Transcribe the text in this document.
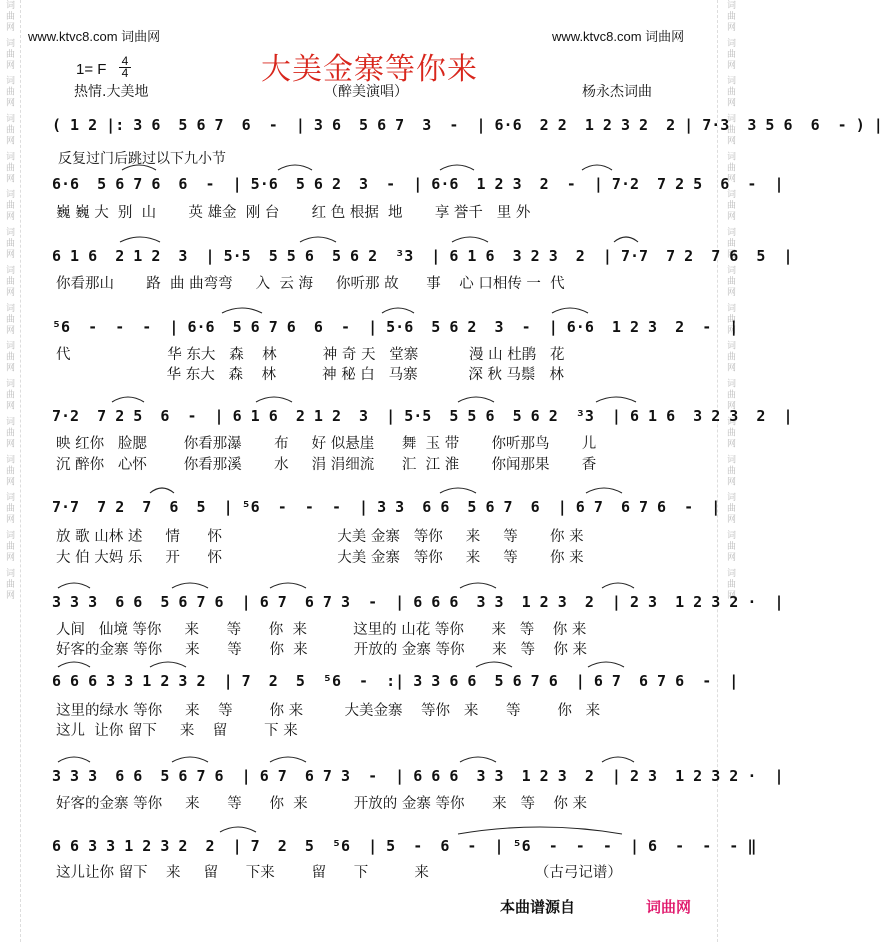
词曲网 词曲网 词曲网 词曲网 词曲网 词曲网 词曲网 词曲网 词曲网 词曲网 词曲网 词曲网 词曲网 词曲网 词曲网 词曲网	词曲网 词曲网 词曲网 词曲网 词曲网 词曲网 词曲网 词曲网 词曲网 词曲网 词曲网 词曲网 词曲网 词曲网 词曲网 词曲网
www.ktvc8.com 词曲网	www.ktvc8.com 词曲网
大美金寨等你来
1= F	4
4
热情.大美地	（醉美演唱）	杨永杰词曲
反复过门后跳过以下九小节
( 1 2 |: 3 6  5 6 7  6  -  | 3 6  5 6 7  3  -  | 6·6  2 2  1 2 3 2  2 | 7·3  3 5 6  6  - ) |
6·6  5 6 7 6  6  -  | 5·6  5 6 2  3  -  | 6·6  1 2 3  2  -  | 7·2  7 2 5  6  -  |
巍 巍 大  别  山       英 雄金  刚 台       红 色 根据  地       享 誉千   里 外
6 1 6  2 1 2  3  | 5·5  5 5 6  5 6 2  ³3  | 6 1 6  3 2 3  2  | 7·7  7 2  7 6  5  |
你看那山       路  曲 曲弯弯     入  云 海     你听那 故      事    心 口相传 一  代
⁵6  -  -  -  | 6·6  5 6 7 6  6  -  | 5·6  5 6 2  3  -  | 6·6  1 2 3  2  -  |
代                     华 东大   森    林          神 奇 天   堂寨           漫 山 杜鹃   花
华 东大   森    林          神 秘 白   马寨           深 秋 马鬃   林
7·2  7 2 5  6  -  | 6 1 6  2 1 2  3  | 5·5  5 5 6  5 6 2  ³3  | 6 1 6  3 2 3  2  |
映 红你   脸腮        你看那瀑       布     好 似悬崖      舞  玉 带       你听那鸟       儿
沉 醉你   心怀        你看那溪       水     涓 涓细流      汇  江 淮       你闻那果       香
7·7  7 2  7  6  5  | ⁵6  -  -  -  | 3 3  6 6  5 6 7  6  | 6 7  6 7 6  -  |
放 歌 山林 述     情      怀                         大美 金寨   等你     来     等       你 来
大 伯 大妈 乐     开      怀                         大美 金寨   等你     来     等       你 来
3 3 3  6 6  5 6 7 6  | 6 7  6 7 3  -  | 6 6 6  3 3  1 2 3  2  | 2 3  1 2 3 2 ·  |
人间   仙境 等你     来      等      你  来          这里的 山花 等你      来   等    你 来
好客的金寨 等你     来      等      你  来          开放的 金寨 等你      来   等    你 来
6 6 6 3 3 1 2 3 2  | 7  2  5  ⁵6  -  :| 3 3 6 6  5 6 7 6  | 6 7  6 7 6  -  |
这里的绿水 等你     来    等        你 来         大美金寨    等你   来      等        你   来
这儿  让你 留下     来    留        下 来
3 3 3  6 6  5 6 7 6  | 6 7  6 7 3  -  | 6 6 6  3 3  1 2 3  2  | 2 3  1 2 3 2 ·  |
好客的金寨 等你     来      等      你  来          开放的 金寨 等你      来   等    你 来
6 6 3 3 1 2 3 2  2  | 7  2  5  ⁵6  | 5  -  6  -  | ⁵6  -  -  -  | 6  -  -  - ‖
这儿让你 留下    来     留      下来        留      下          来                       （古弓记谱）
本曲谱源自	词曲网
